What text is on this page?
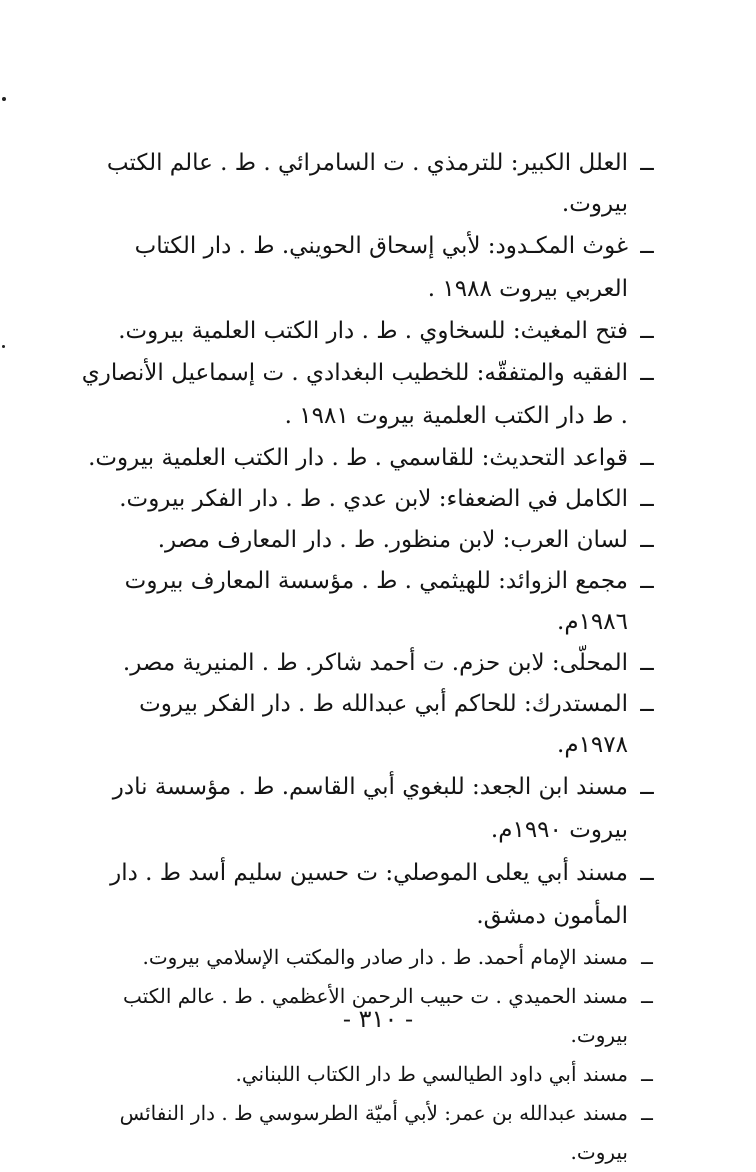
ــ
العلل الكبير: للترمذي . ت السامرائي . ط . عالم الكتب بيروت.
ــ
غوث المكـدود: لأبي إسحاق الحويني. ط . دار الكتاب العربي بيروت ١٩٨٨ .
ــ
فتح المغيث: للسخاوي . ط . دار الكتب العلمية بيروت.
ــ
الفقيه والمتفقّه: للخطيب البغدادي . ت إسماعيل الأنصاري . ط دار الكتب العلمية بيروت ١٩٨١ .
ــ
قواعد التحديث: للقاسمي . ط . دار الكتب العلمية بيروت.
ــ
الكامل في الضعفاء: لابن عدي . ط . دار الفكر بيروت.
ــ
لسان العرب: لابن منظور. ط . دار المعارف مصر.
ــ
مجمع الزوائد: للهيثمي . ط . مؤسسة المعارف بيروت ١٩٨٦م.
ــ
المحلّى: لابن حزم. ت أحمد شاكر. ط . المنيرية مصر.
ــ
المستدرك: للحاكم أبي عبدالله ط . دار الفكر بيروت ١٩٧٨م.
ــ
مسند ابن الجعد: للبغوي أبي القاسم. ط . مؤسسة نادر بيروت ١٩٩٠م.
ــ
مسند أبي يعلى الموصلي: ت حسين سليم أسد ط . دار المأمون دمشق.
ــ
مسند الإمام أحمد. ط . دار صادر والمكتب الإسلامي بيروت.
ــ
مسند الحميدي . ت حبيب الرحمن الأعظمي . ط . عالم الكتب بيروت.
ــ
مسند أبي داود الطيالسي ط دار الكتاب اللبناني.
ــ
مسند عبدالله بن عمر: لأبي أميّة الطرسوسي ط . دار النفائس بيروت.
- ٣١٠ -
